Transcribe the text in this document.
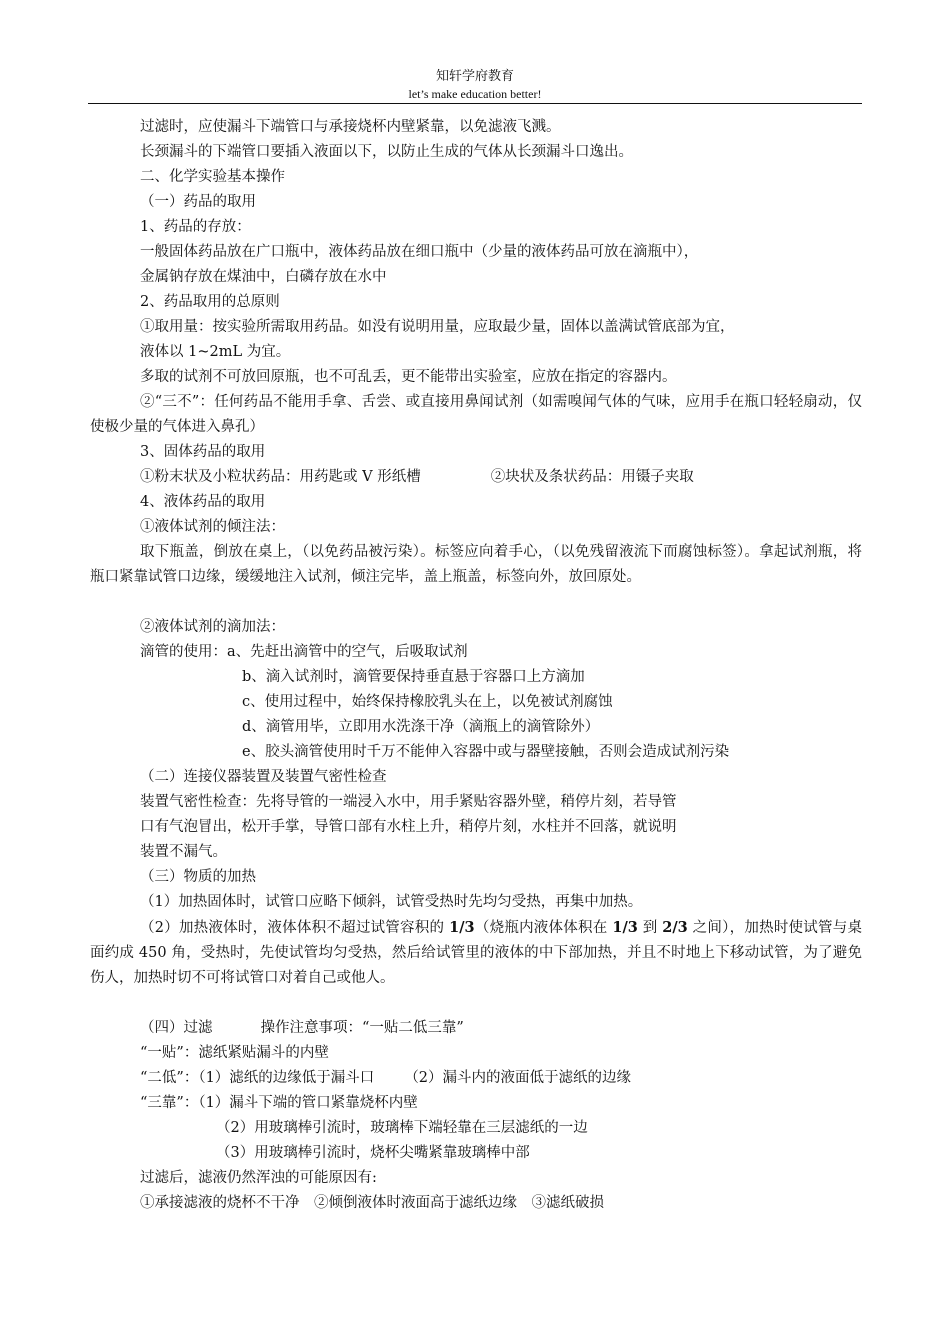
知轩学府教育
let’s make education better!

过滤时，应使漏斗下端管口与承接烧杯内壁紧靠，以免滤液飞溅。

长颈漏斗的下端管口要插入液面以下，以防止生成的气体从长颈漏斗口逸出。

二、化学实验基本操作

（一）药品的取用

1、药品的存放：

一般固体药品放在广口瓶中，液体药品放在细口瓶中（少量的液体药品可放在滴瓶中），

金属钠存放在煤油中，白磷存放在水中

2、药品取用的总原则

①取用量：按实验所需取用药品。如没有说明用量，应取最少量，固体以盖满试管底部为宜，

液体以 1~2mL 为宜。

多取的试剂不可放回原瓶，也不可乱丢，更不能带出实验室，应放在指定的容器内。

②“三不”：任何药品不能用手拿、舌尝、或直接用鼻闻试剂（如需嗅闻气体的气味，应用手在瓶口轻轻扇动，仅使极少量的气体进入鼻孔）

3、固体药品的取用

①粉末状及小粒状药品：用药匙或 V 形纸槽	②块状及条状药品：用镊子夹取

4、液体药品的取用

①液体试剂的倾注法：

取下瓶盖，倒放在桌上，（以免药品被污染）。标签应向着手心，（以免残留液流下而腐蚀标签）。拿起试剂瓶，将瓶口紧靠试管口边缘，缓缓地注入试剂，倾注完毕，盖上瓶盖，标签向外，放回原处。

②液体试剂的滴加法：

滴管的使用：a、先赶出滴管中的空气，后吸取试剂

b、滴入试剂时，滴管要保持垂直悬于容器口上方滴加

c、使用过程中，始终保持橡胶乳头在上，以免被试剂腐蚀

d、滴管用毕，立即用水洗涤干净（滴瓶上的滴管除外）

e、胶头滴管使用时千万不能伸入容器中或与器壁接触，否则会造成试剂污染

（二）连接仪器装置及装置气密性检查

装置气密性检查：先将导管的一端浸入水中，用手紧贴容器外壁，稍停片刻，若导管

口有气泡冒出，松开手掌，导管口部有水柱上升，稍停片刻，水柱并不回落，就说明

装置不漏气。

（三）物质的加热

（1）加热固体时，试管口应略下倾斜，试管受热时先均匀受热，再集中加热。

（2）加热液体时，液体体积不超过试管容积的 1/3（烧瓶内液体体积在 1/3 到 2/3 之间），加热时使试管与桌面约成 450 角，受热时，先使试管均匀受热，然后给试管里的液体的中下部加热，并且不时地上下移动试管，为了避免伤人，加热时切不可将试管口对着自己或他人。

（四）过滤	操作注意事项：“一贴二低三靠”

“一贴”：滤纸紧贴漏斗的内壁

“二低”：（1）滤纸的边缘低于漏斗口 （2）漏斗内的液面低于滤纸的边缘

“三靠”：（1）漏斗下端的管口紧靠烧杯内壁

（2）用玻璃棒引流时，玻璃棒下端轻靠在三层滤纸的一边

（3）用玻璃棒引流时，烧杯尖嘴紧靠玻璃棒中部

过滤后，滤液仍然浑浊的可能原因有:

①承接滤液的烧杯不干净　②倾倒液体时液面高于滤纸边缘　③滤纸破损
